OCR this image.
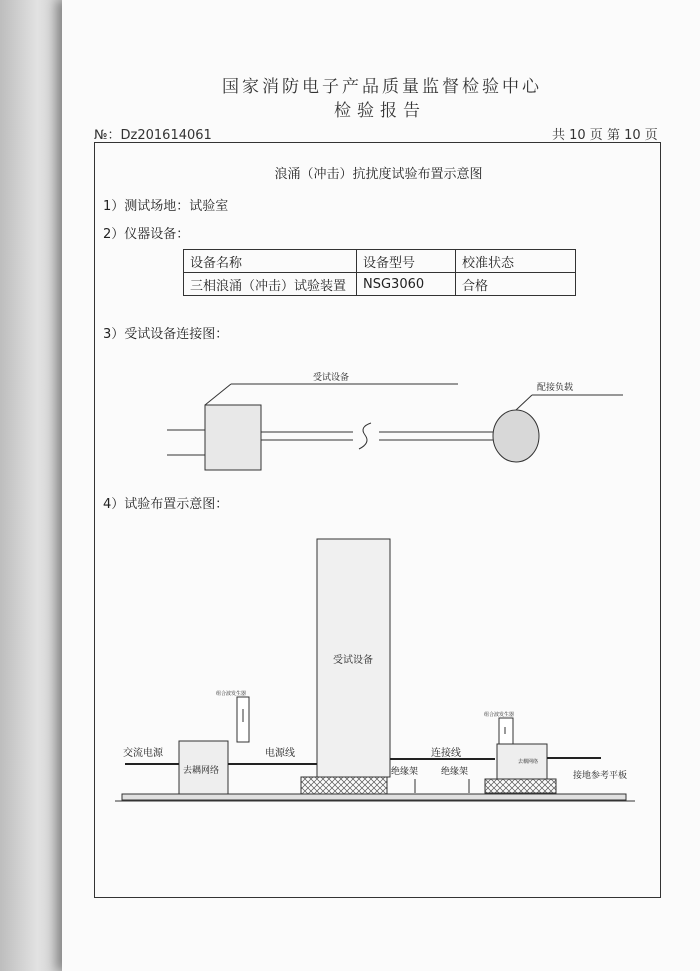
国家消防电子产品质量监督检验中心
检验报告
№：Dz201614061	共 10 页 第 10 页
浪涌（冲击）抗扰度试验布置示意图
1）测试场地：试验室
2）仪器设备：
设备名称	设备型号	校准状态
三相浪涌（冲击）试验装置	NSG3060	合格
3）受试设备连接图：
受试设备
配接负载
4）试验布置示意图：
受试设备
交流电源
组合波发生器
去耦网络
电源线
绝缘架	绝缘架
连接线
组合波发生器
去耦网络
接地参考平板
